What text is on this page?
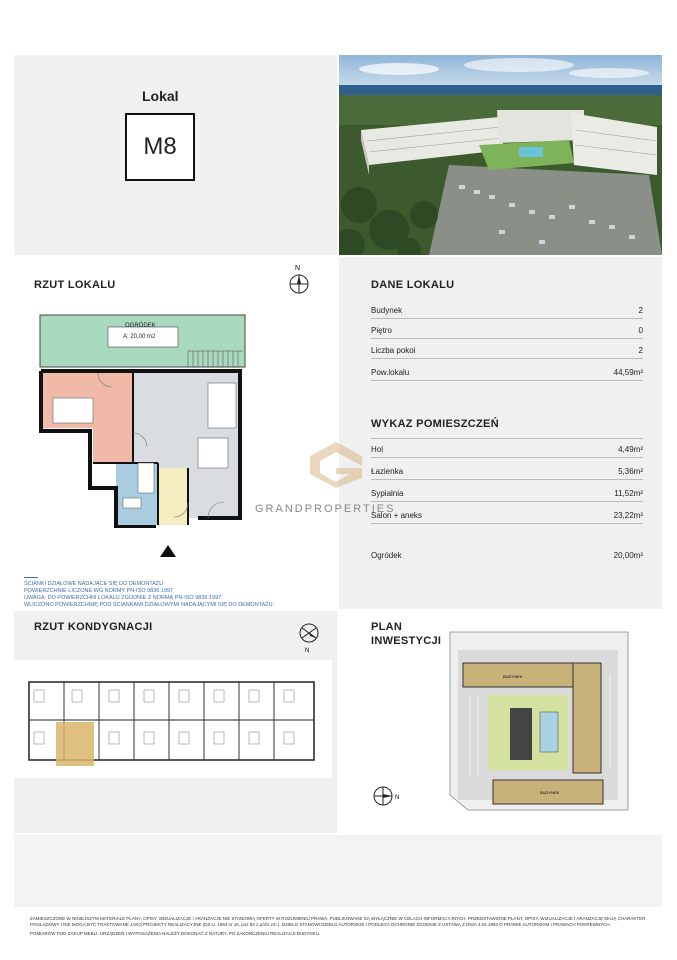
Lokal
M8
RZUT LOKALU
N
OGRÓDEK
A: 20,00 m2
ŚCIANKI DZIAŁOWE NADAJĄCE SIĘ DO DEMONTAŻU
POWIERZCHNIE LICZONE WG NORMY PN-ISO 9836:1997
UWAGA: DO POWIERZCHNI LOKALU ZGODNIE Z NORMĄ PN-ISO 9836:1997
WLICZONO POWIERZCHNIĘ POD ŚCIANKAMI DZIAŁOWYMI NADAJĄCYMI SIĘ DO DEMONTAŻU.
DANE LOKALU
Budynek	2
Piętro	0
Liczba pokoi	2
Pow.lokalu	44,59m²
WYKAZ POMIESZCZEŃ
Hol	4,49m²
Łazienka	5,36m²
Sypialnia	11,52m²
Salon + aneks	23,22m²
Ogródek	20,00m²
GRANDPROPERTIES
RZUT KONDYGNACJI
N
PLAN
INWESTYCJI
BUDYNEK
BUDYNEK
N
ZAMIESZCZONE W NINIEJSZYM MATERIALE PLANY, OPISY, WIZUALIZACJE I ARANŻACJE NIE STANOWIĄ OFERTY W ROZUMIENIU PRAWA, PUBLIKOWANE SĄ WYŁĄCZNIE W CELACH INFORMACYJNYCH. PRZEDSTAWIONE PLANY, OPISY, WIZUALIZACJE I ARANŻACJE MAJĄ CHARAKTER POGLĄDOWY I NIE MOGĄ BYĆ TRAKTOWANE JAKO PROJEKTY REALIZACYJNE (DZ.U. 1964 nr 16, poz.93 z późn.zm.). DZIEŁO STANOWI DZIEŁO AUTORSKIE I PODLEGA OCHRONIE ZGODNIE Z USTAWĄ Z DNIA 4.02.1994 O PRAWIE AUTORSKIM I PRAWACH POKREWNYCH.
POMIARÓW POD ZAKUP MEBLI, URZĄDZEŃ I WYPOSAŻENIA NALEŻY DOKONAĆ Z NATURY, PO ZAKOŃCZENIU REALIZACJI BUDYNKU.
